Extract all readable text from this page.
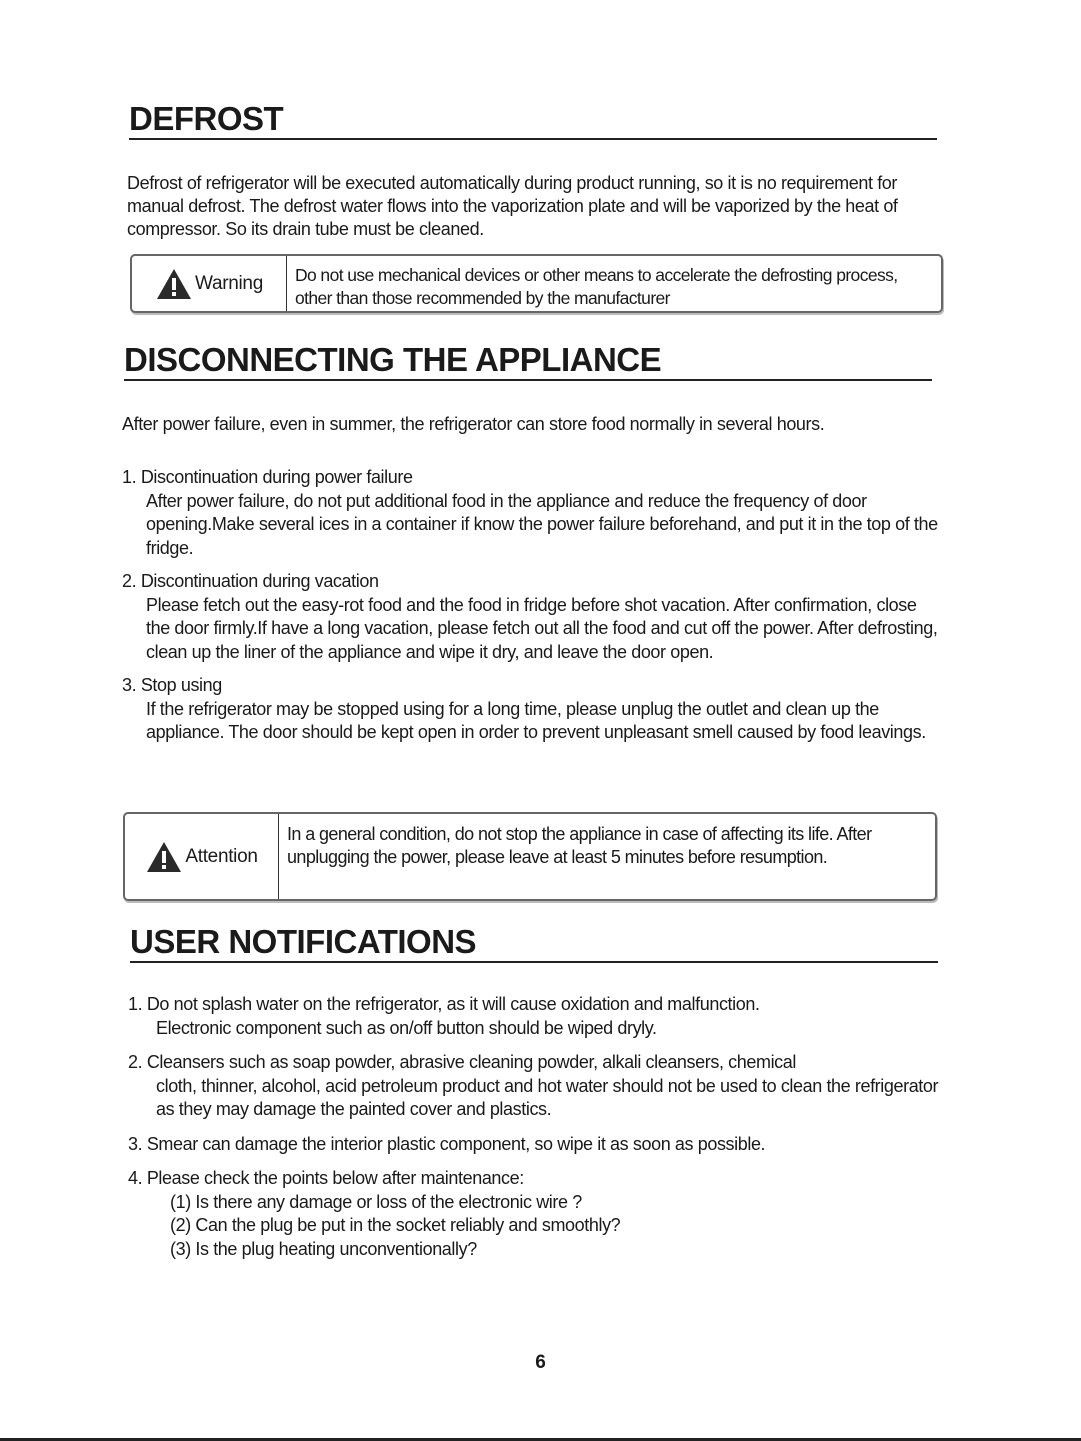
DEFROST
Defrost of refrigerator will be executed automatically during product running, so it is no requirement for manual defrost. The defrost water flows into the vaporization plate and will be vaporized by the heat of compressor. So its drain tube must be cleaned.
Warning	Do not use mechanical devices or other means to accelerate the defrosting process, other than those recommended by the manufacturer
DISCONNECTING THE APPLIANCE
After power failure, even in summer, the refrigerator can store food normally in several hours.
1. Discontinuation during power failure
After power failure, do not put additional food in the appliance and reduce the frequency of door opening.Make several ices in a container if know the power failure beforehand, and put it in the top of the fridge.
2. Discontinuation during vacation
Please fetch out the easy-rot food and the food in fridge before shot vacation. After confirmation, close the door firmly.If have a long vacation, please fetch out all the food and cut off the power. After defrosting, clean up the liner of the appliance and wipe it dry, and leave the door open.
3. Stop using
If the refrigerator may be stopped using for a long time, please unplug the outlet and clean up the appliance. The door should be kept open in order to prevent unpleasant smell caused by food leavings.
Attention
In a general condition, do not stop the appliance in case of affecting its life. After unplugging the power, please leave at least 5 minutes before resumption.
USER NOTIFICATIONS
1. Do not splash water on the refrigerator, as it will cause oxidation and malfunction.
Electronic component such as on/off button should be wiped dryly.
2. Cleansers such as soap powder, abrasive cleaning powder, alkali cleansers, chemical
cloth, thinner, alcohol, acid petroleum product and hot water should not be used to clean the refrigerator as they may damage the painted cover and plastics.
3. Smear can damage the interior plastic component, so wipe it as soon as possible.
4. Please check the points below after maintenance:
(1) Is there any damage or loss of the electronic wire ?
(2) Can the plug be put in the socket reliably and smoothly?
(3) Is the plug heating unconventionally?
6
